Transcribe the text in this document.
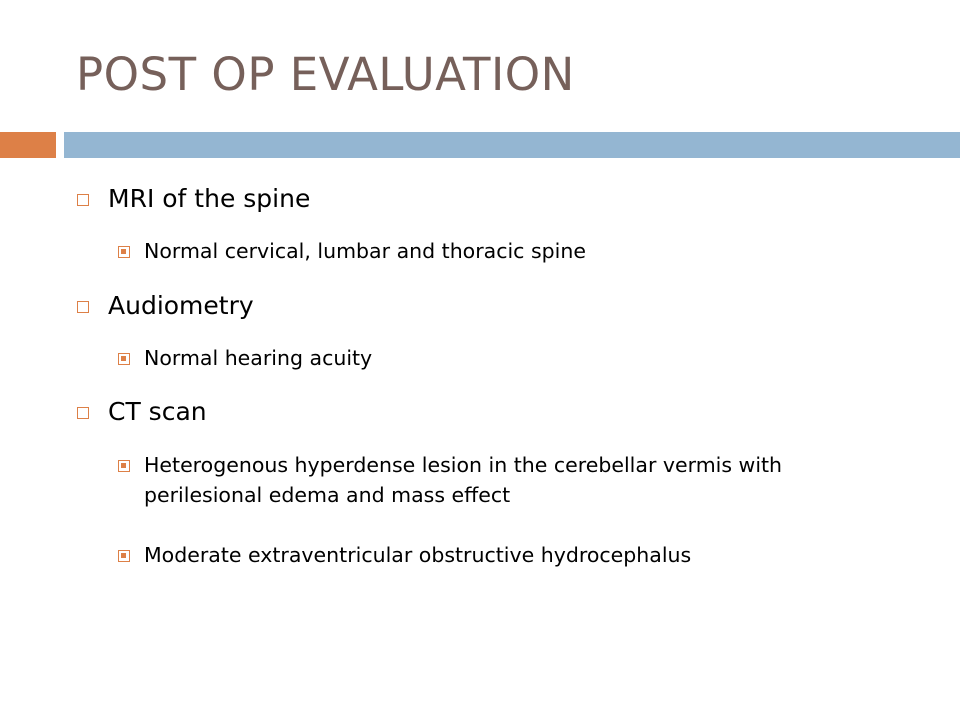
POST OP EVALUATION
MRI of the spine
Normal cervical, lumbar and thoracic spine
Audiometry
Normal hearing acuity
CT scan
Heterogenous hyperdense lesion in the cerebellar vermis with perilesional edema and mass effect
Moderate extraventricular obstructive hydrocephalus
